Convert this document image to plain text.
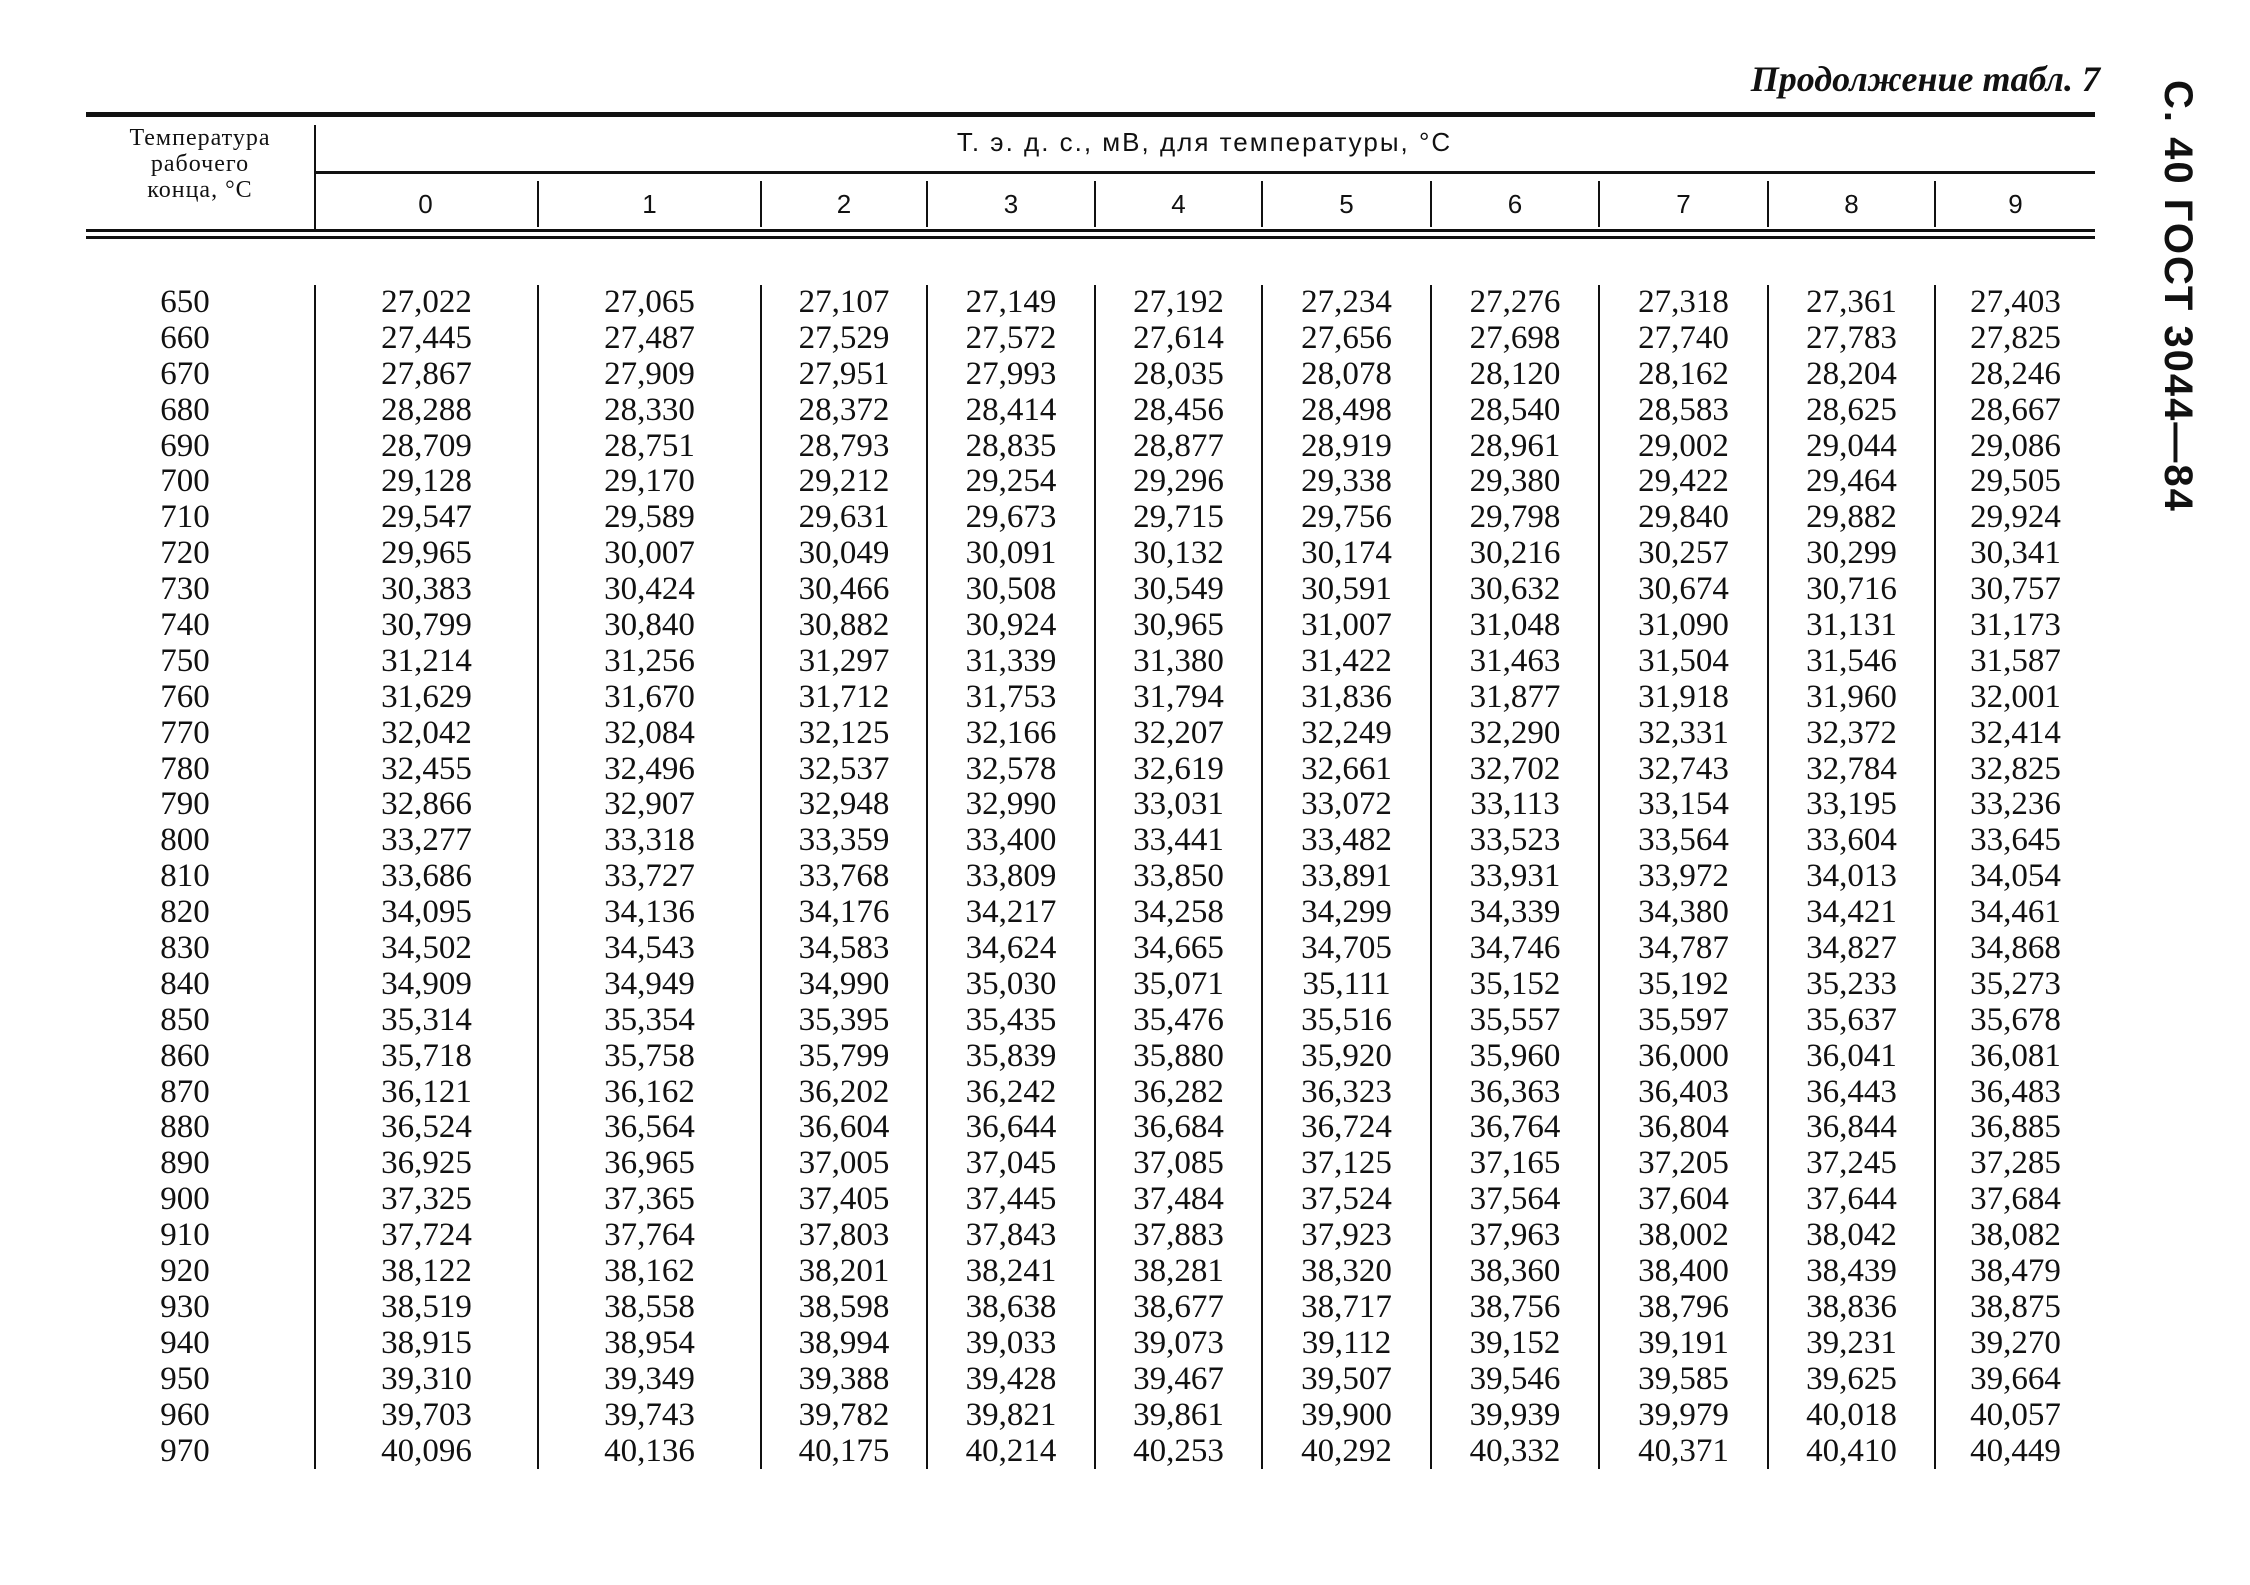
Продолжение табл. 7
С. 40 ГОСТ 3044—84
Температура
рабочего
конца, °С
Т. э. д. с., мВ, для температуры, °С
0	1	2	3	4	5	6	7	8	9
650	27,022	27,065	27,107	27,149	27,192	27,234	27,276	27,318	27,361	27,403
660	27,445	27,487	27,529	27,572	27,614	27,656	27,698	27,740	27,783	27,825
670	27,867	27,909	27,951	27,993	28,035	28,078	28,120	28,162	28,204	28,246
680	28,288	28,330	28,372	28,414	28,456	28,498	28,540	28,583	28,625	28,667
690	28,709	28,751	28,793	28,835	28,877	28,919	28,961	29,002	29,044	29,086
700	29,128	29,170	29,212	29,254	29,296	29,338	29,380	29,422	29,464	29,505
710	29,547	29,589	29,631	29,673	29,715	29,756	29,798	29,840	29,882	29,924
720	29,965	30,007	30,049	30,091	30,132	30,174	30,216	30,257	30,299	30,341
730	30,383	30,424	30,466	30,508	30,549	30,591	30,632	30,674	30,716	30,757
740	30,799	30,840	30,882	30,924	30,965	31,007	31,048	31,090	31,131	31,173
750	31,214	31,256	31,297	31,339	31,380	31,422	31,463	31,504	31,546	31,587
760	31,629	31,670	31,712	31,753	31,794	31,836	31,877	31,918	31,960	32,001
770	32,042	32,084	32,125	32,166	32,207	32,249	32,290	32,331	32,372	32,414
780	32,455	32,496	32,537	32,578	32,619	32,661	32,702	32,743	32,784	32,825
790	32,866	32,907	32,948	32,990	33,031	33,072	33,113	33,154	33,195	33,236
800	33,277	33,318	33,359	33,400	33,441	33,482	33,523	33,564	33,604	33,645
810	33,686	33,727	33,768	33,809	33,850	33,891	33,931	33,972	34,013	34,054
820	34,095	34,136	34,176	34,217	34,258	34,299	34,339	34,380	34,421	34,461
830	34,502	34,543	34,583	34,624	34,665	34,705	34,746	34,787	34,827	34,868
840	34,909	34,949	34,990	35,030	35,071	35,111	35,152	35,192	35,233	35,273
850	35,314	35,354	35,395	35,435	35,476	35,516	35,557	35,597	35,637	35,678
860	35,718	35,758	35,799	35,839	35,880	35,920	35,960	36,000	36,041	36,081
870	36,121	36,162	36,202	36,242	36,282	36,323	36,363	36,403	36,443	36,483
880	36,524	36,564	36,604	36,644	36,684	36,724	36,764	36,804	36,844	36,885
890	36,925	36,965	37,005	37,045	37,085	37,125	37,165	37,205	37,245	37,285
900	37,325	37,365	37,405	37,445	37,484	37,524	37,564	37,604	37,644	37,684
910	37,724	37,764	37,803	37,843	37,883	37,923	37,963	38,002	38,042	38,082
920	38,122	38,162	38,201	38,241	38,281	38,320	38,360	38,400	38,439	38,479
930	38,519	38,558	38,598	38,638	38,677	38,717	38,756	38,796	38,836	38,875
940	38,915	38,954	38,994	39,033	39,073	39,112	39,152	39,191	39,231	39,270
950	39,310	39,349	39,388	39,428	39,467	39,507	39,546	39,585	39,625	39,664
960	39,703	39,743	39,782	39,821	39,861	39,900	39,939	39,979	40,018	40,057
970	40,096	40,136	40,175	40,214	40,253	40,292	40,332	40,371	40,410	40,449
